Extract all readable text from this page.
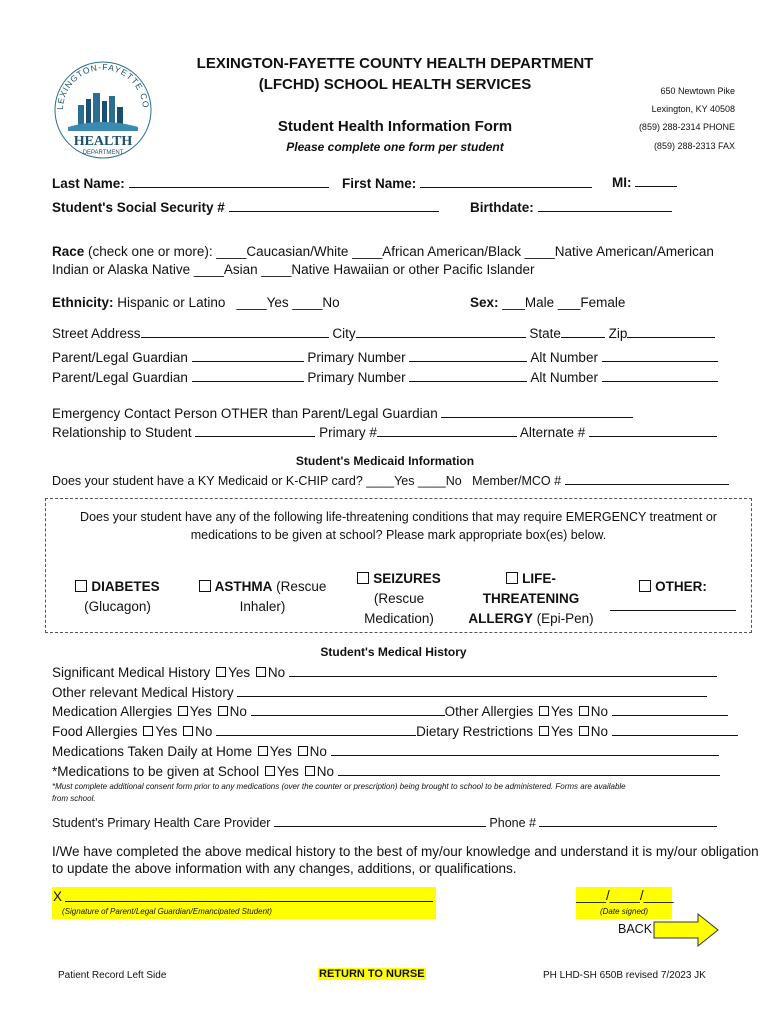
LEXINGTON-FAYETTE CO
HEALTH
DEPARTMENT
LEXINGTON-FAYETTE COUNTY HEALTH DEPARTMENT
(LFCHD) SCHOOL HEALTH SERVICES
Student Health Information Form
Please complete one form per student
650 Newtown Pike
Lexington, KY 40508
(859) 288-2314 PHONE
(859) 288-2313 FAX
Last Name:	First Name:	MI:
Student's Social Security #	Birthdate:
Race (check one or more): ____Caucasian/White ____African American/Black ____Native American/American
Indian or Alaska Native ____Asian ____Native Hawaiian or other Pacific Islander
Ethnicity: Hispanic or Latino   ____Yes ____No	Sex: ___Male ___Female
Street Address	City	State	Zip
Parent/Legal Guardian	Primary Number	Alt Number
Parent/Legal Guardian	Primary Number	Alt Number
Emergency Contact Person OTHER than Parent/Legal Guardian
Relationship to Student	Primary #	Alternate #
Student's Medicaid Information
Does your student have a KY Medicaid or K-CHIP card? ____Yes ____No   Member/MCO #
Does your student have any of the following life-threatening conditions that may require EMERGENCY treatment or
medications to be given at school? Please mark appropriate box(es) below.
DIABETES
(Glucagon)
ASTHMA (Rescue
Inhaler)
SEIZURES
(Rescue
Medication)
LIFE-
THREATENING
ALLERGY (Epi-Pen)
OTHER:

Student's Medical History
Significant Medical History Yes No
Other relevant Medical History
Medication Allergies Yes No	Other Allergies Yes No
Food Allergies Yes No	Dietary Restrictions Yes No
Medications Taken Daily at Home Yes No
*Medications to be given at School Yes No
*Must complete additional consent form prior to any medications (over the counter or prescription) being brought to school to be administered. Forms are available
from school.
Student's Primary Health Care Provider	Phone #
I/We have completed the above medical history to the best of my/our knowledge and understand it is my/our obligation
to update the above information with any changes, additions, or qualifications.
X
(Signature of Parent/Legal Guardian/Emancipated Student)
____/____/____
(Date signed)
BACK
Patient Record Left Side	RETURN TO NURSE	PH LHD-SH 650B revised 7/2023 JK
